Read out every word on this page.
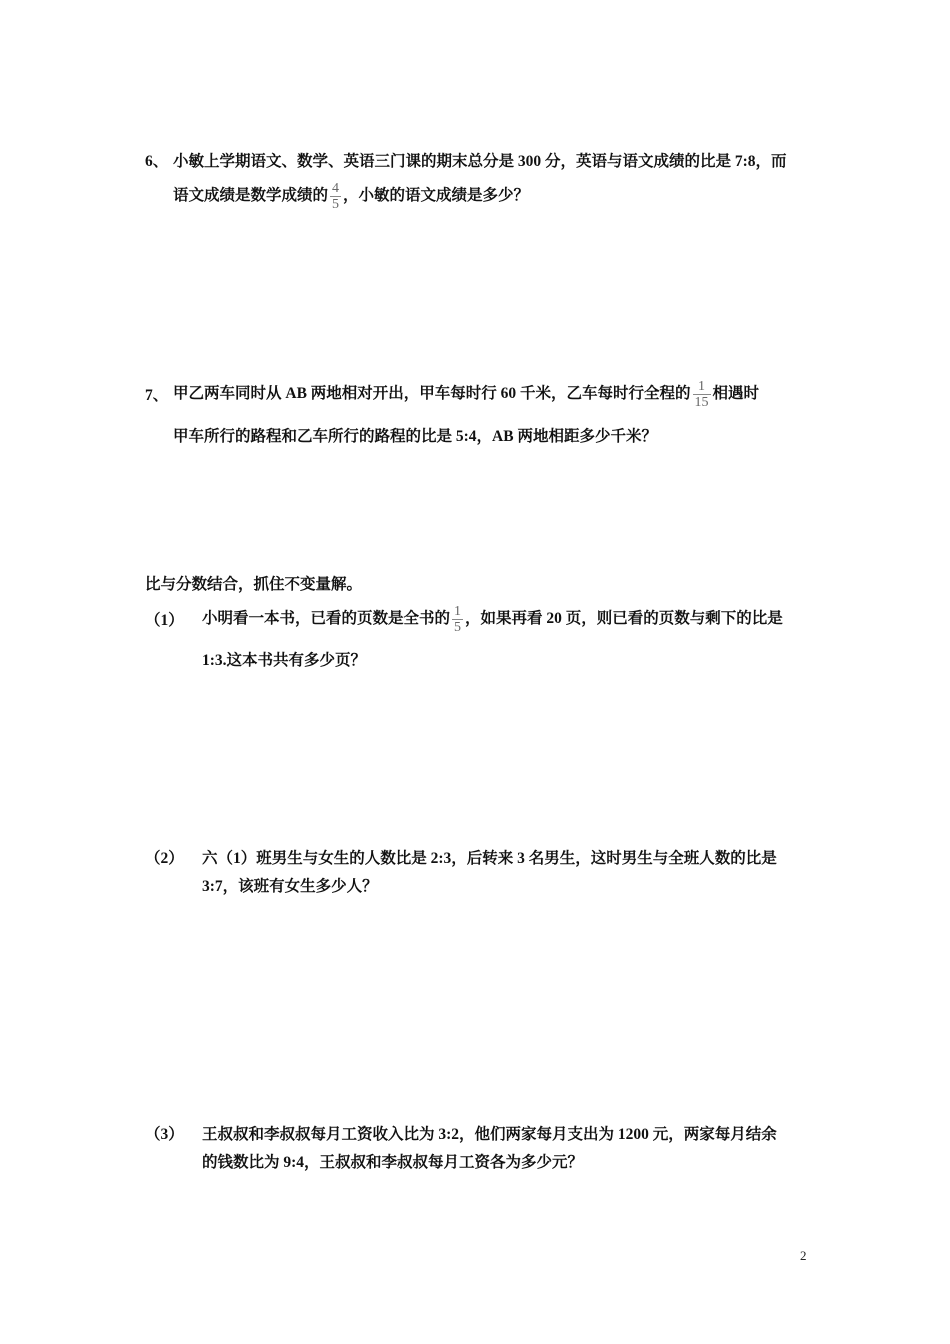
6、 小敏上学期语文、数学、英语三门课的期末总分是 300 分，英语与语文成绩的比是 7:8，而
语文成绩是数学成绩的 $\frac{4}{5}$ ，小敏的语文成绩是多少？
7、 甲乙两车同时从 AB 两地相对开出，甲车每时行 60 千米，乙车每时行全程的 $\frac{1}{15}$ 相遇时
甲车所行的路程和乙车所行的路程的比是 5:4，AB 两地相距多少千米？
比与分数结合，抓住不变量解。
（1） 小明看一本书，已看的页数是全书的 $\frac{1}{5}$ ，如果再看 20 页，则已看的页数与剩下的比是
1:3.这本书共有多少页？
（2） 六（1）班男生与女生的人数比是 2:3，后转来 3 名男生，这时男生与全班人数的比是
3:7，该班有女生多少人？
（3） 王叔叔和李叔叔每月工资收入比为 3:2，他们两家每月支出为 1200 元，两家每月结余
的钱数比为 9:4，王叔叔和李叔叔每月工资各为多少元？
2
